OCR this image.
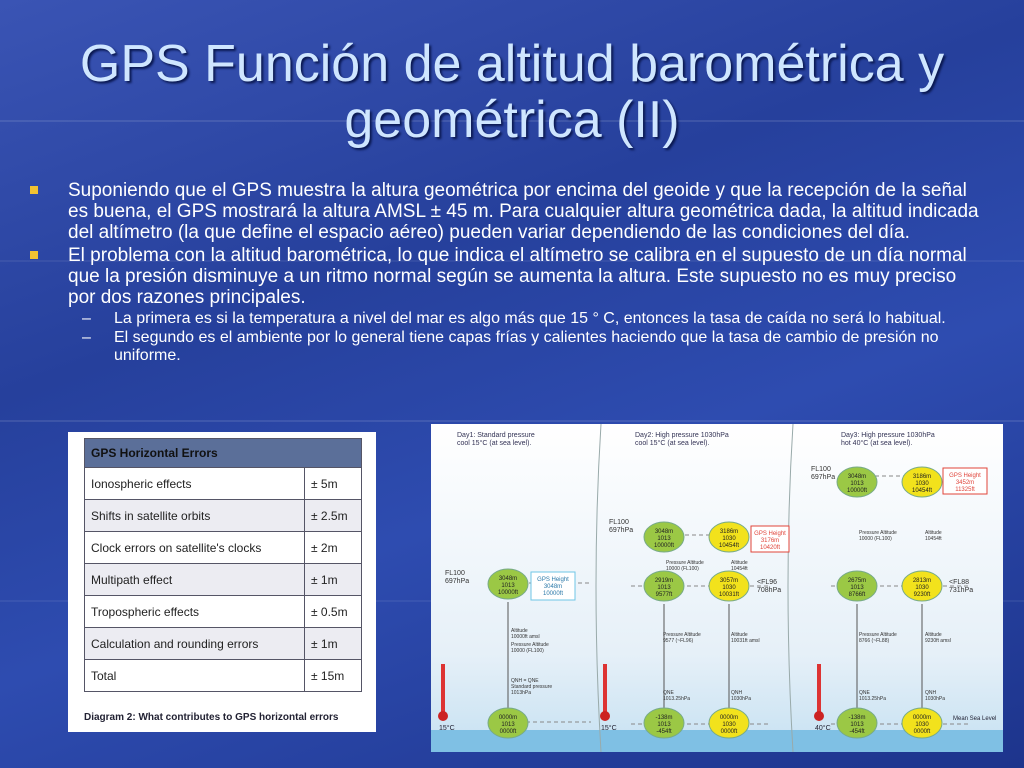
GPS Función de altitud barométrica y geométrica (II)
Suponiendo que el GPS muestra la altura geométrica por encima del geoide y que la recepción de la señal es buena, el GPS mostrará la altura AMSL ± 45 m. Para cualquier altura geométrica dada, la altitud indicada del altímetro (la que define el espacio aéreo) pueden variar dependiendo de las condiciones del día.
El problema con la altitud barométrica, lo que indica el altímetro se calibra en el supuesto de un día normal que la presión disminuye a un ritmo normal según se aumenta la altura. Este supuesto no es muy preciso por dos razones principales.
– La primera es si la temperatura a nivel del mar es algo más que 15 ° C, entonces la tasa de caída no será lo habitual.
– El segundo es el ambiente por lo general tiene capas frías y calientes haciendo que la tasa de cambio de presión no uniforme.
GPS Horizontal Errors	
Ionospheric effects	± 5m
Shifts in satellite orbits	± 2.5m
Clock errors on satellite's clocks	± 2m
Multipath effect	± 1m
Tropospheric effects	± 0.5m
Calculation and rounding errors	± 1m
Total	± 15m
Diagram 2: What contributes to GPS horizontal errors
Day1: Standard pressure cool 15°C (at sea level).
Day2: High pressure 1030hPa cool 15°C (at sea level).
Day3: High pressure 1030hPa hot 40°C (at sea level).
3048m 1013 10000ft
GPS Height 3048m 10000ft
FL100 697hPa
Altitude 10000ft amsl
Pressure Altitude 10000 (FL100)
QNH = QNE Standard pressure 1013hPa
0000m 1013 0000ft
3048m 1013 10000ft
3186m 1030 10454ft
GPS Height 3176m 10420ft
FL100 697hPa
Pressure Altitude 10000 (FL100)
Altitude 10454ft
2919m 1013 9577ft
3057m 1030 10031ft
<FL96 708hPa
Pressure Altitude 9577 (~FL96)
Altitude 10031ft amsl
QNE 1013.25hPa
QNH 1030hPa
-138m 1013 -454ft
0000m 1030 0000ft
3048m 1013 10000ft
3186m 1030 10454ft
GPS Height 3452m 11325ft
FL100 697hPa
Pressure Altitude 10000 (FL100)
Altitude 10454ft
2675m 1013 8766ft
2813m 1030 9230ft
<FL88 731hPa
Pressure Altitude 8766 (~FL88)
Altitude 9230ft amsl
QNE 1013.25hPa
QNH 1030hPa
-138m 1013 -454ft
0000m 1030 0000ft
15°C	15°C	40°C
Mean Sea Level
